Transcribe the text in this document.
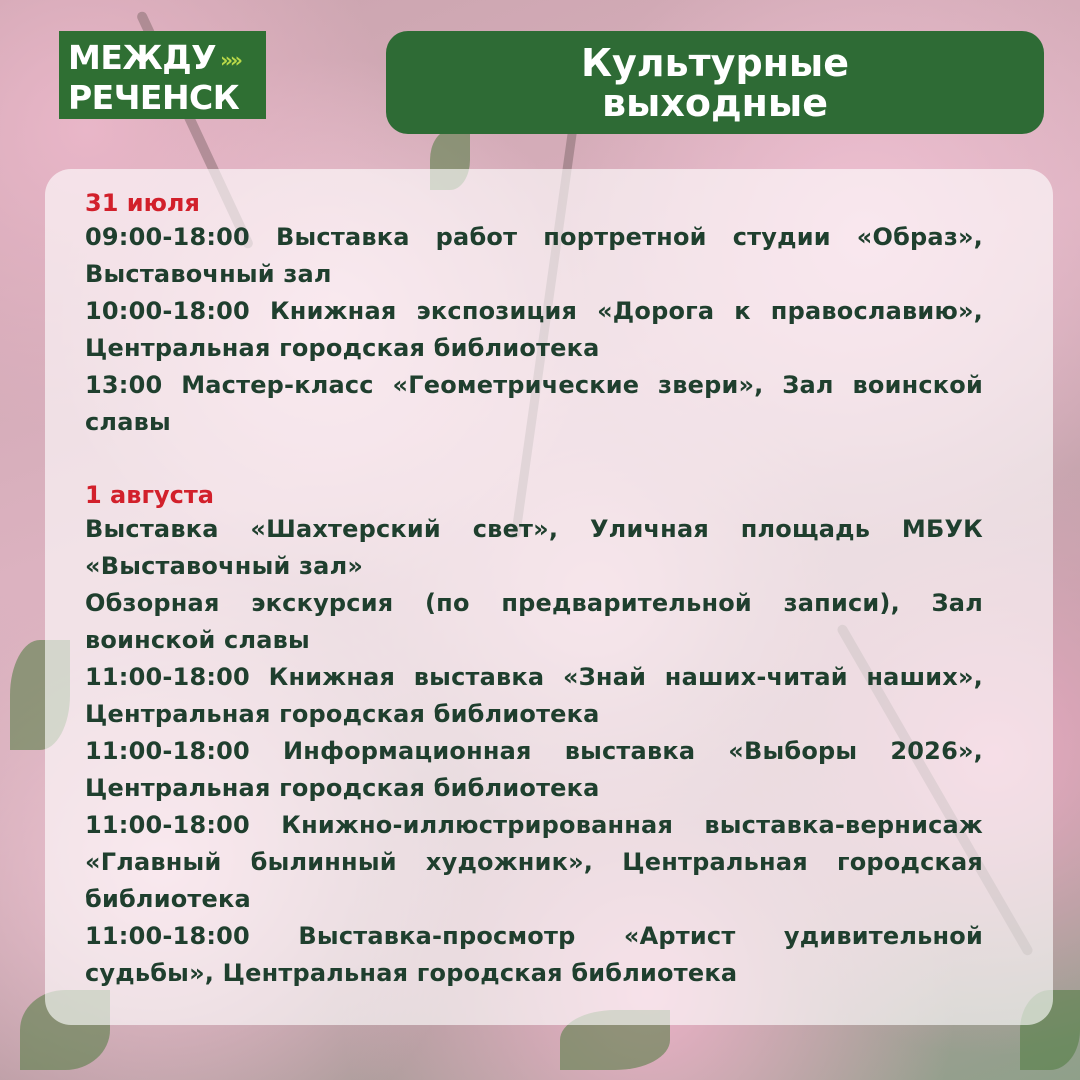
МЕЖДУ »»
РЕЧЕНСК
Культурные
выходные

31 июля

09:00-18:00 Выставка работ портретной студии «Образ», Выставочный зал

10:00-18:00 Книжная экспозиция «Дорога к православию», Центральная городская библиотека

13:00 Мастер-класс «Геометрические звери», Зал воинской славы

1 августа

Выставка «Шахтерский свет», Уличная площадь МБУК «Выставочный зал»

Обзорная экскурсия (по предварительной записи), Зал воинской славы

11:00-18:00 Книжная выставка «Знай наших-читай наших», Центральная городская библиотека

11:00-18:00 Информационная выставка «Выборы 2026», Центральная городская библиотека

11:00-18:00 Книжно-иллюстрированная выставка-вернисаж «Главный былинный художник», Центральная городская библиотека

11:00-18:00 Выставка-просмотр «Артист удивительной судьбы», Центральная городская библиотека
